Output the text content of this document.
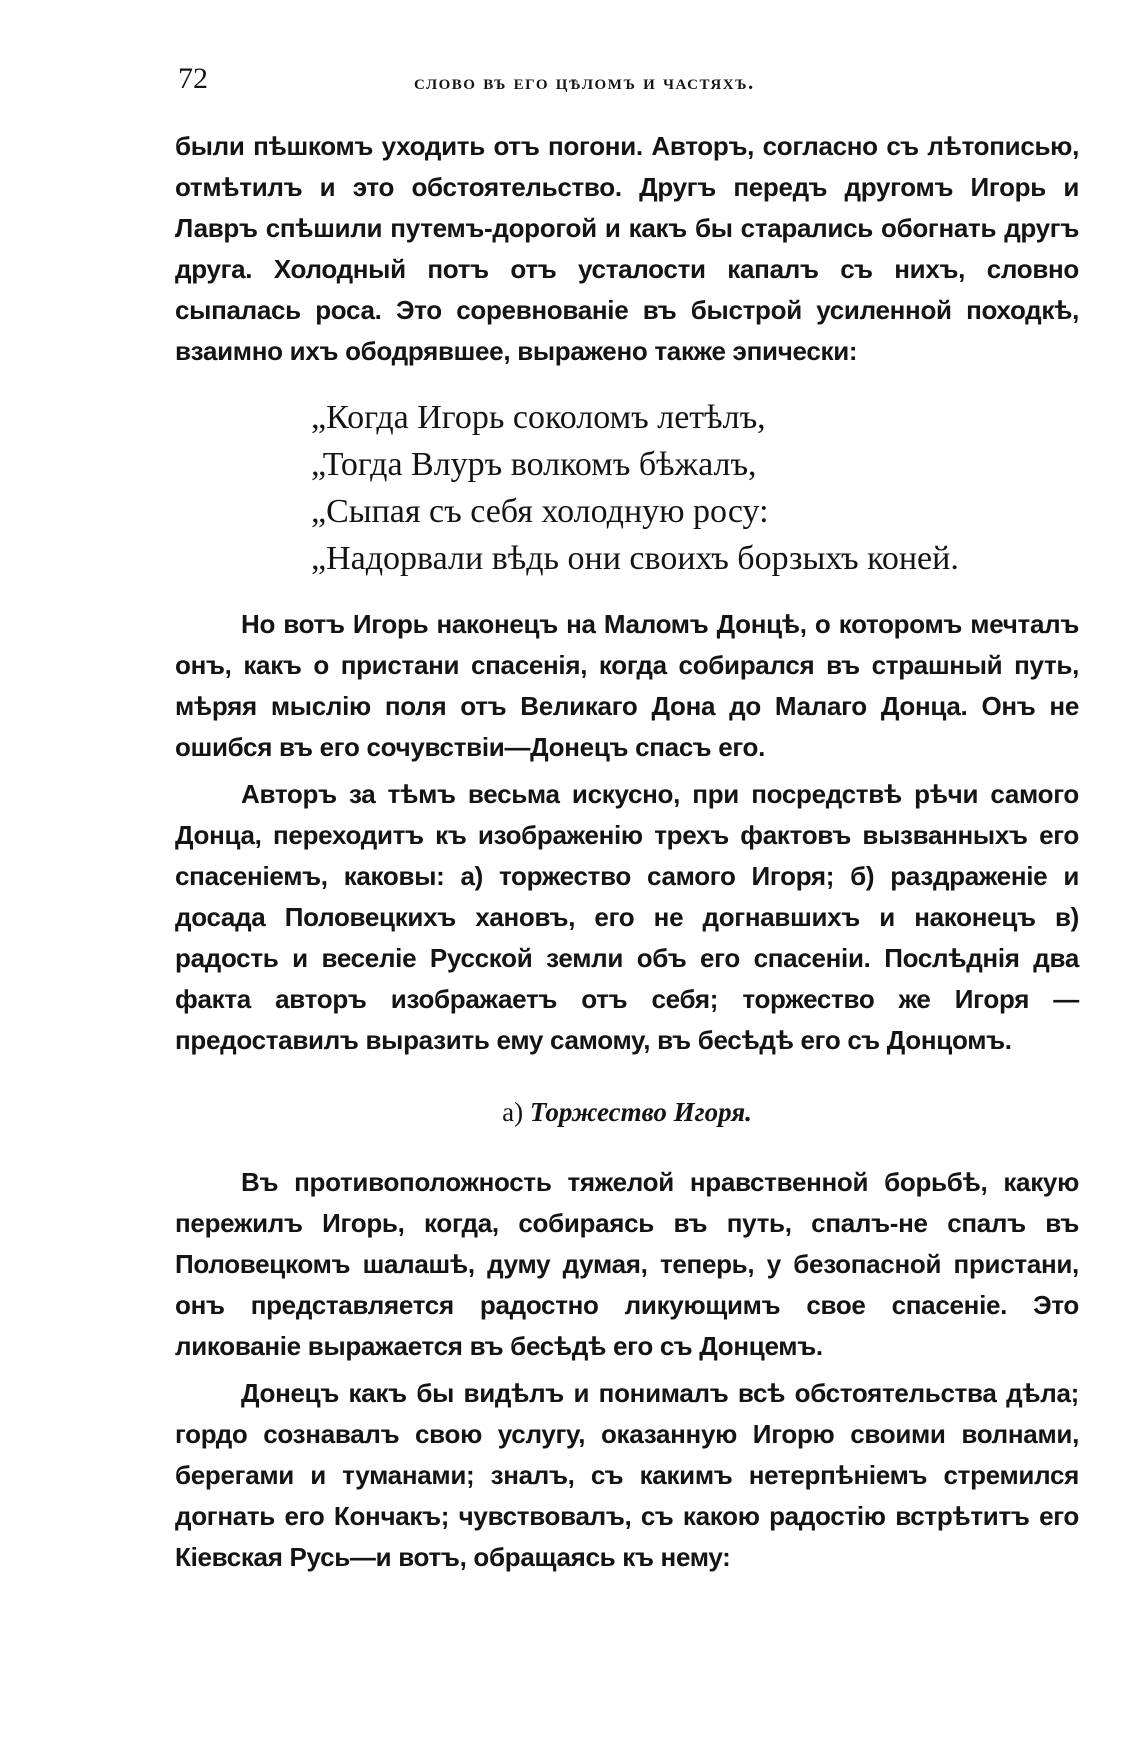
72	слово въ его цѣломъ и частяхъ.

были пѣшкомъ уходить отъ погони. Авторъ, согласно съ лѣтописью, отмѣтилъ и это обстоятельство. Другъ передъ другомъ Игорь и Лавръ спѣшили путемъ-дорогой и какъ бы старались обогнать другъ друга. Холодный потъ отъ усталости капалъ съ нихъ, словно сыпалась роса. Это соревнованіе въ быстрой усиленной походкѣ, взаимно ихъ ободрявшее, выражено также эпически:

„Когда Игорь соколомъ летѣлъ,
„Тогда Влуръ волкомъ бѣжалъ,
„Сыпая съ себя холодную росу:
„Надорвали вѣдь они своихъ борзыхъ коней.

Но вотъ Игорь наконецъ на Маломъ Донцѣ, о которомъ мечталъ онъ, какъ о пристани спасенія, когда собирался въ страшный путь, мѣряя мыслію поля отъ Великаго Дона до Малаго Донца. Онъ не ошибся въ его сочувствіи—Донецъ спасъ его.

Авторъ за тѣмъ весьма искусно, при посредствѣ рѣчи самого Донца, переходитъ къ изображенію трехъ фактовъ вызванныхъ его спасеніемъ, каковы: а) торжество самого Игоря; б) раздраженіе и досада Половецкихъ хановъ, его не догнавшихъ и наконецъ в) радость и веселіе Русской земли объ его спасеніи. Послѣднія два факта авторъ изображаетъ отъ себя; торжество же Игоря — предоставилъ выразить ему самому, въ бесѣдѣ его съ Донцомъ.

а) Торжество Игоря.

Въ противоположность тяжелой нравственной борьбѣ, какую пережилъ Игорь, когда, собираясь въ путь, спалъ-не спалъ въ Половецкомъ шалашѣ, думу думая, теперь, у безопасной пристани, онъ представляется радостно ликующимъ свое спасеніе. Это ликованіе выражается въ бесѣдѣ его съ Донцемъ.

Донецъ какъ бы видѣлъ и понималъ всѣ обстоятельства дѣла; гордо сознавалъ свою услугу, оказанную Игорю своими волнами, берегами и туманами; зналъ, съ какимъ нетерпѣніемъ стремился догнать его Кончакъ; чувствовалъ, съ какою радостію встрѣтитъ его Кіевская Русь—и вотъ, обращаясь къ нему:
